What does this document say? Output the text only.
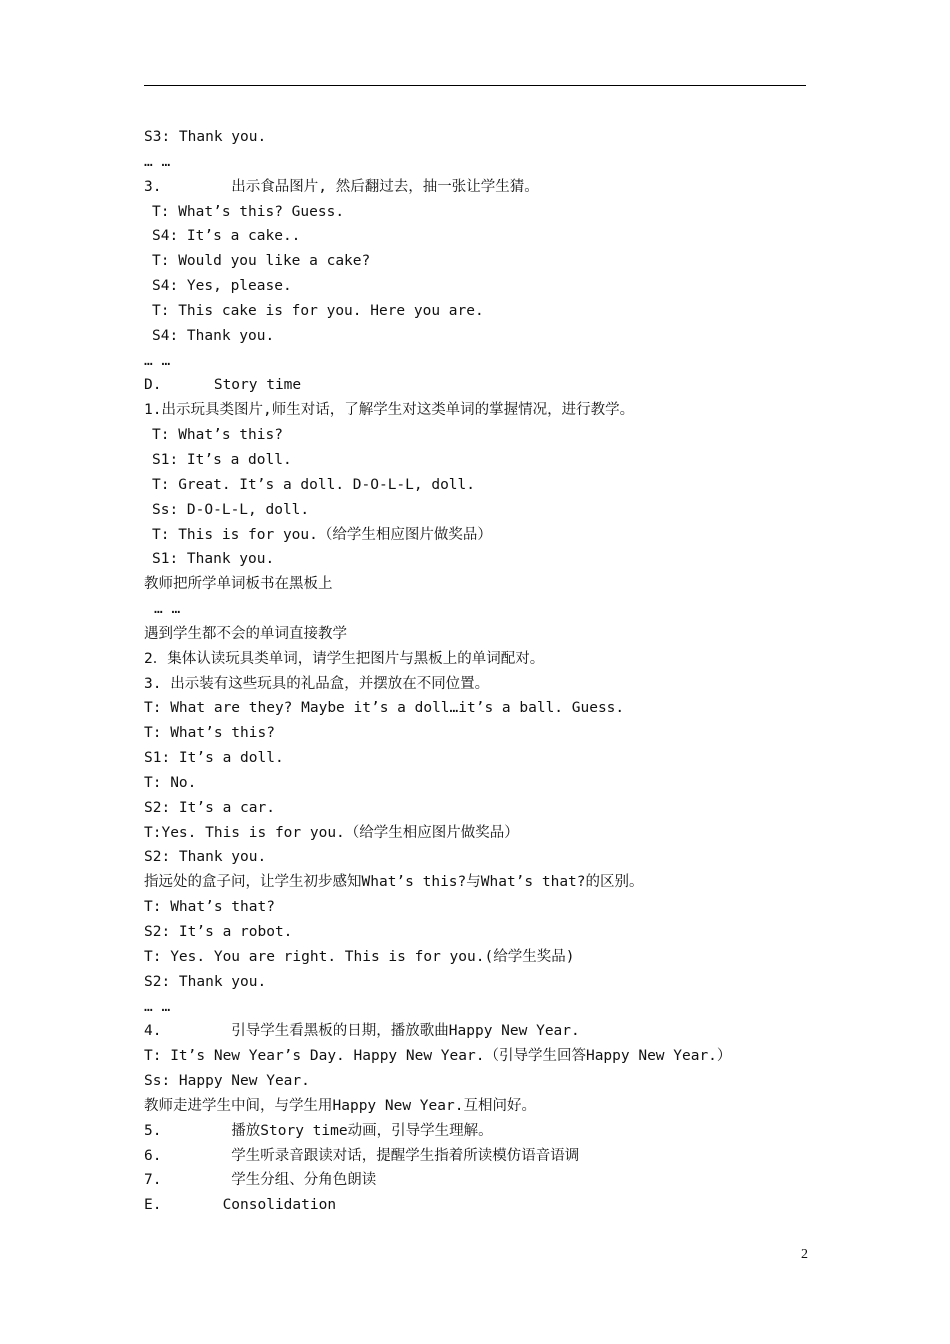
S3: Thank you.
… …
3.        出示食品图片, 然后翻过去，抽一张让学生猜。
T: What’s this? Guess.
S4: It’s a cake..
T: Would you like a cake?
S4: Yes, please.
T: This cake is for you. Here you are.
S4: Thank you.
… …
D.      Story time
1.出示玩具类图片,师生对话，了解学生对这类单词的掌握情况，进行教学。
T: What’s this?
S1: It’s a doll.
T: Great. It’s a doll. D-O-L-L, doll.
Ss: D-O-L-L, doll.
T: This is for you.（给学生相应图片做奖品）
S1: Thank you.
教师把所学单词板书在黑板上
… …
遇到学生都不会的单词直接教学
2．集体认读玩具类单词，请学生把图片与黑板上的单词配对。
3. 出示装有这些玩具的礼品盒，并摆放在不同位置。
T: What are they? Maybe it’s a doll…it’s a ball. Guess.
T: What’s this?
S1: It’s a doll.
T: No.
S2: It’s a car.
T:Yes. This is for you.（给学生相应图片做奖品）
S2: Thank you.
指远处的盒子问，让学生初步感知What’s this?与What’s that?的区别。
T: What’s that?
S2: It’s a robot.
T: Yes. You are right. This is for you.(给学生奖品)
S2: Thank you.
… …
4.        引导学生看黑板的日期，播放歌曲Happy New Year.
T: It’s New Year’s Day. Happy New Year.（引导学生回答Happy New Year.）
Ss: Happy New Year.
教师走进学生中间，与学生用Happy New Year.互相问好。
5.        播放Story time动画，引导学生理解。
6.        学生听录音跟读对话，提醒学生指着所读模仿语音语调
7.        学生分组、分角色朗读
E.       Consolidation
2
